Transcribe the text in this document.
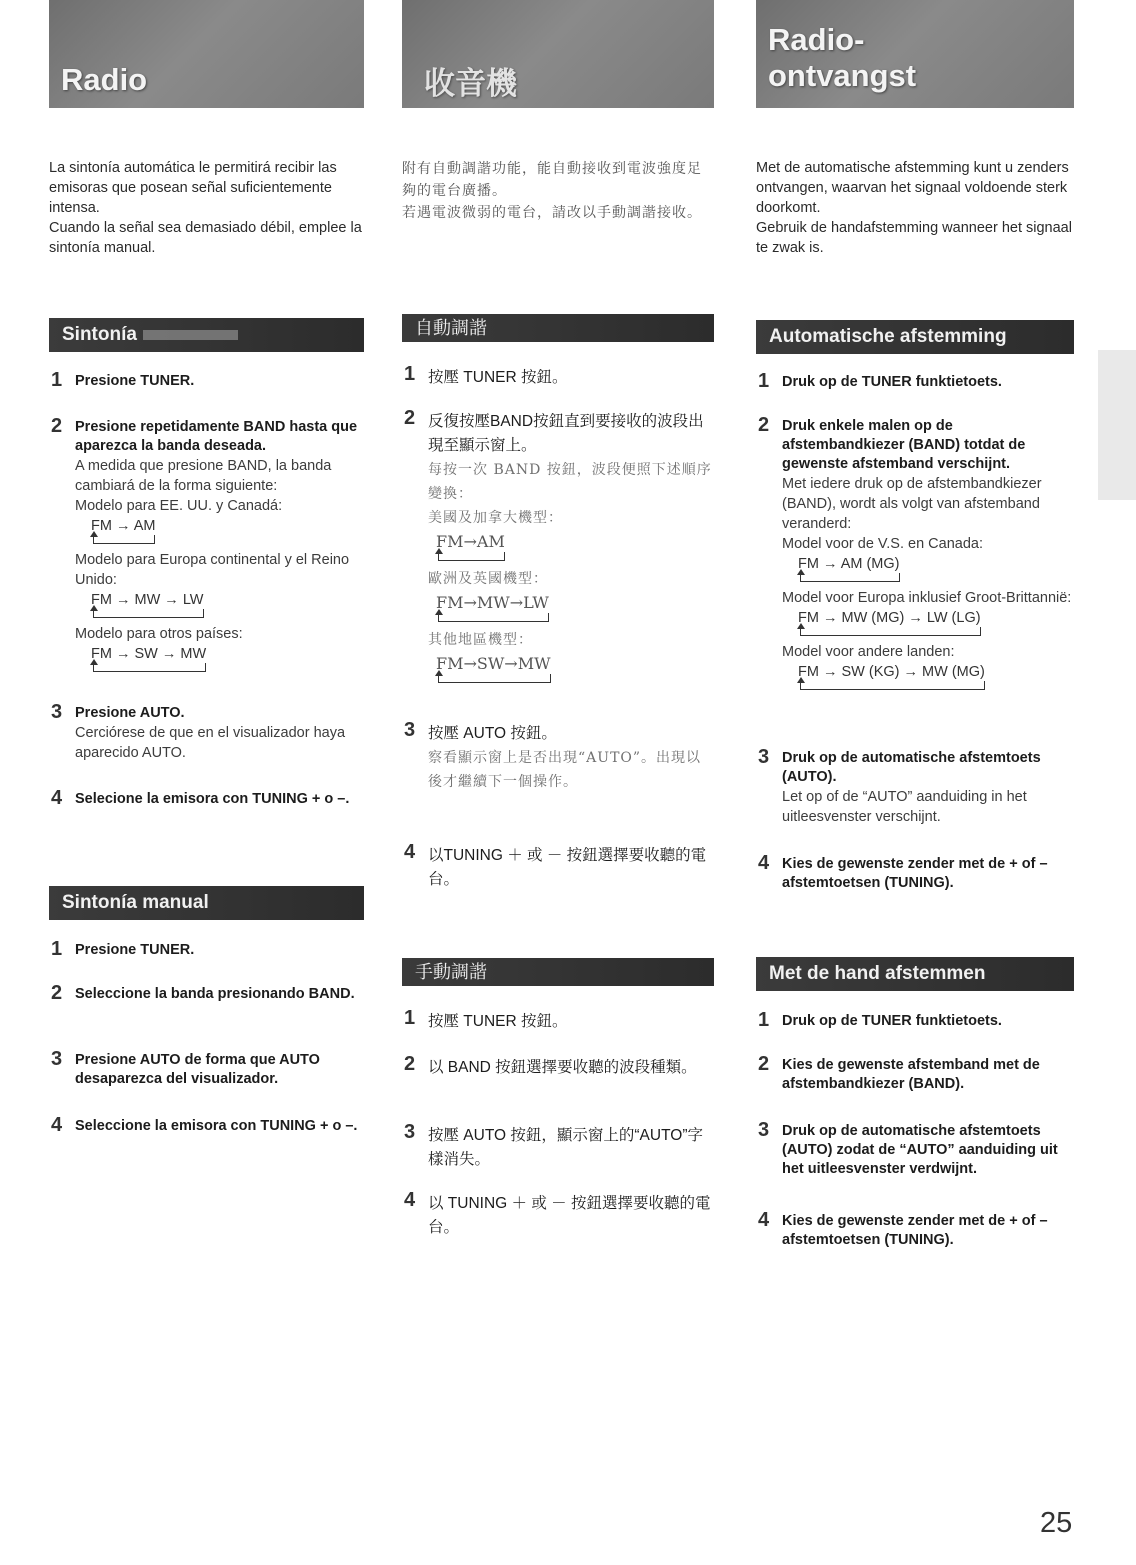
Radio

La sintonía automática le permitirá recibir las emisoras que posean señal suficientemente intensa.
Cuando la señal sea demasiado débil, emplee la sintonía manual.

Sintonía
1 Presione TUNER.
2 Presione repetidamente BAND hasta que aparezca la banda deseada.
A medida que presione BAND, la banda cambiará de la forma siguiente:
Modelo para EE. UU. y Canadá:
FM → AM
Modelo para Europa continental y el Reino Unido:
FM → MW → LW
Modelo para otros países:
FM → SW → MW
3 Presione AUTO.
Cerciórese de que en el visualizador haya aparecido AUTO.
4 Selecione la emisora con TUNING + o –.
Sintonía manual
1 Presione TUNER.
2 Seleccione la banda presionando BAND.
3 Presione AUTO de forma que AUTO desaparezca del visualizador.
4 Seleccione la emisora con TUNING + o –.
收音機

附有自動調諧功能，能自動接收到電波強度足夠的電台廣播。
若遇電波微弱的電台，請改以手動調諧接收。

自動調諧
1 按壓 TUNER 按鈕。
2 反復按壓BAND按鈕直到要接收的波段出現至顯示窗上。
每按一次 BAND 按鈕，波段便照下述順序變換：
美國及加拿大機型：
FM→AM
歐洲及英國機型：
FM→MW→LW
其他地區機型：
FM→SW→MW
3 按壓 AUTO 按鈕。
察看顯示窗上是否出現“AUTO”。出現以後才繼續下一個操作。
4 以TUNING ＋ 或 － 按鈕選擇要收聽的電台。
手動調諧
1 按壓 TUNER 按鈕。
2 以 BAND 按鈕選擇要收聽的波段種類。
3 按壓 AUTO 按鈕，顯示窗上的“AUTO”字樣消失。
4 以 TUNING ＋ 或 － 按鈕選擇要收聽的電台。
Radio-
ontvangst

Met de automatische afstemming kunt u zenders ontvangen, waarvan het signaal voldoende sterk doorkomt.
Gebruik de handafstemming wanneer het signaal te zwak is.

Automatische afstemming
1 Druk op de TUNER funktietoets.
2 Druk enkele malen op de afstembandkiezer (BAND) totdat de gewenste afstemband verschijnt.
Met iedere druk op de afstembandkiezer (BAND), wordt als volgt van afstemband veranderd:
Model voor de V.S. en Canada:
FM → AM (MG)
Model voor Europa inklusief Groot-Brittannië:
FM → MW (MG) → LW (LG)
Model voor andere landen:
FM → SW (KG) → MW (MG)
3 Druk op de automatische afstemtoets (AUTO).
Let op of de “AUTO” aanduiding in het uitleesvenster verschijnt.
4 Kies de gewenste zender met de + of – afstemtoetsen (TUNING).
Met de hand afstemmen
1 Druk op de TUNER funktietoets.
2 Kies de gewenste afstemband met de afstembandkiezer (BAND).
3 Druk op de automatische afstemtoets (AUTO) zodat de “AUTO” aanduiding uit het uitleesvenster verdwijnt.
4 Kies de gewenste zender met de + of – afstemtoetsen (TUNING).
25
